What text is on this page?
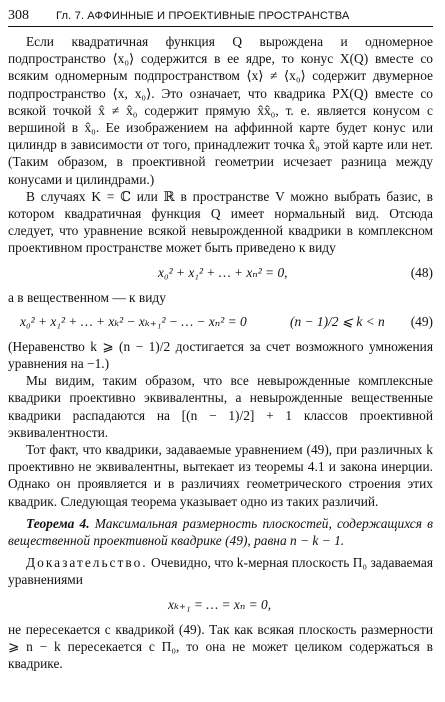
308 Гл. 7. АФФИННЫЕ И ПРОЕКТИВНЫЕ ПРОСТРАНСТВА

Если квадратичная функция Q вырождена и одномерное подпространство ⟨x₀⟩ содержится в ее ядре, то конус X(Q) вместе со всяким одномерным подпространством ⟨x⟩ ≠ ⟨x₀⟩ содержит двумерное подпространство ⟨x, x₀⟩. Это означает, что квадрика PX(Q) вместе со всякой точкой x̂ ≠ x̂₀ содержит прямую x̂x̂₀, т. е. является конусом с вершиной в x̂₀. Ее изображением на аффинной карте будет конус или цилиндр в зависимости от того, принадлежит точка x̂₀ этой карте или нет. (Таким образом, в проективной геометрии исчезает разница между конусами и цилиндрами.)

В случаях K = ℂ или ℝ в пространстве V можно выбрать базис, в котором квадратичная функция Q имеет нормальный вид. Отсюда следует, что уравнение всякой невырожденной квадрики в комплексном проективном пространстве может быть приведено к виду

x₀² + x₁² + … + xₙ² = 0,	(48)

а в вещественном — к виду

x₀² + x₁² + … + xₖ² − xₖ₊₁² − … − xₙ² = 0	(n − 1)/2 ⩽ k < n (49)

(Неравенство k ⩾ (n − 1)/2 достигается за счет возможного умножения уравнения на −1.)

Мы видим, таким образом, что все невырожденные комплексные квадрики проективно эквивалентны, а невырожденные вещественные квадрики распадаются на [(n − 1)/2] + 1 классов проективной эквивалентности.

Тот факт, что квадрики, задаваемые уравнением (49), при различных k проективно не эквивалентны, вытекает из теоремы 4.1 и закона инерции. Однако он проявляется и в различиях геометрического строения этих квадрик. Следующая теорема указывает одно из таких различий.

Теорема 4. Максимальная размерность плоскостей, содержащихся в вещественной проективной квадрике (49), равна n − k − 1.

Доказательство. Очевидно, что k-мерная плоскость Π₀ задаваемая уравнениями

xₖ₊₁ = … = xₙ = 0,

не пересекается с квадрикой (49). Так как всякая плоскость размерности ⩾ n − k пересекается с Π₀, то она не может целиком содержаться в квадрике.
